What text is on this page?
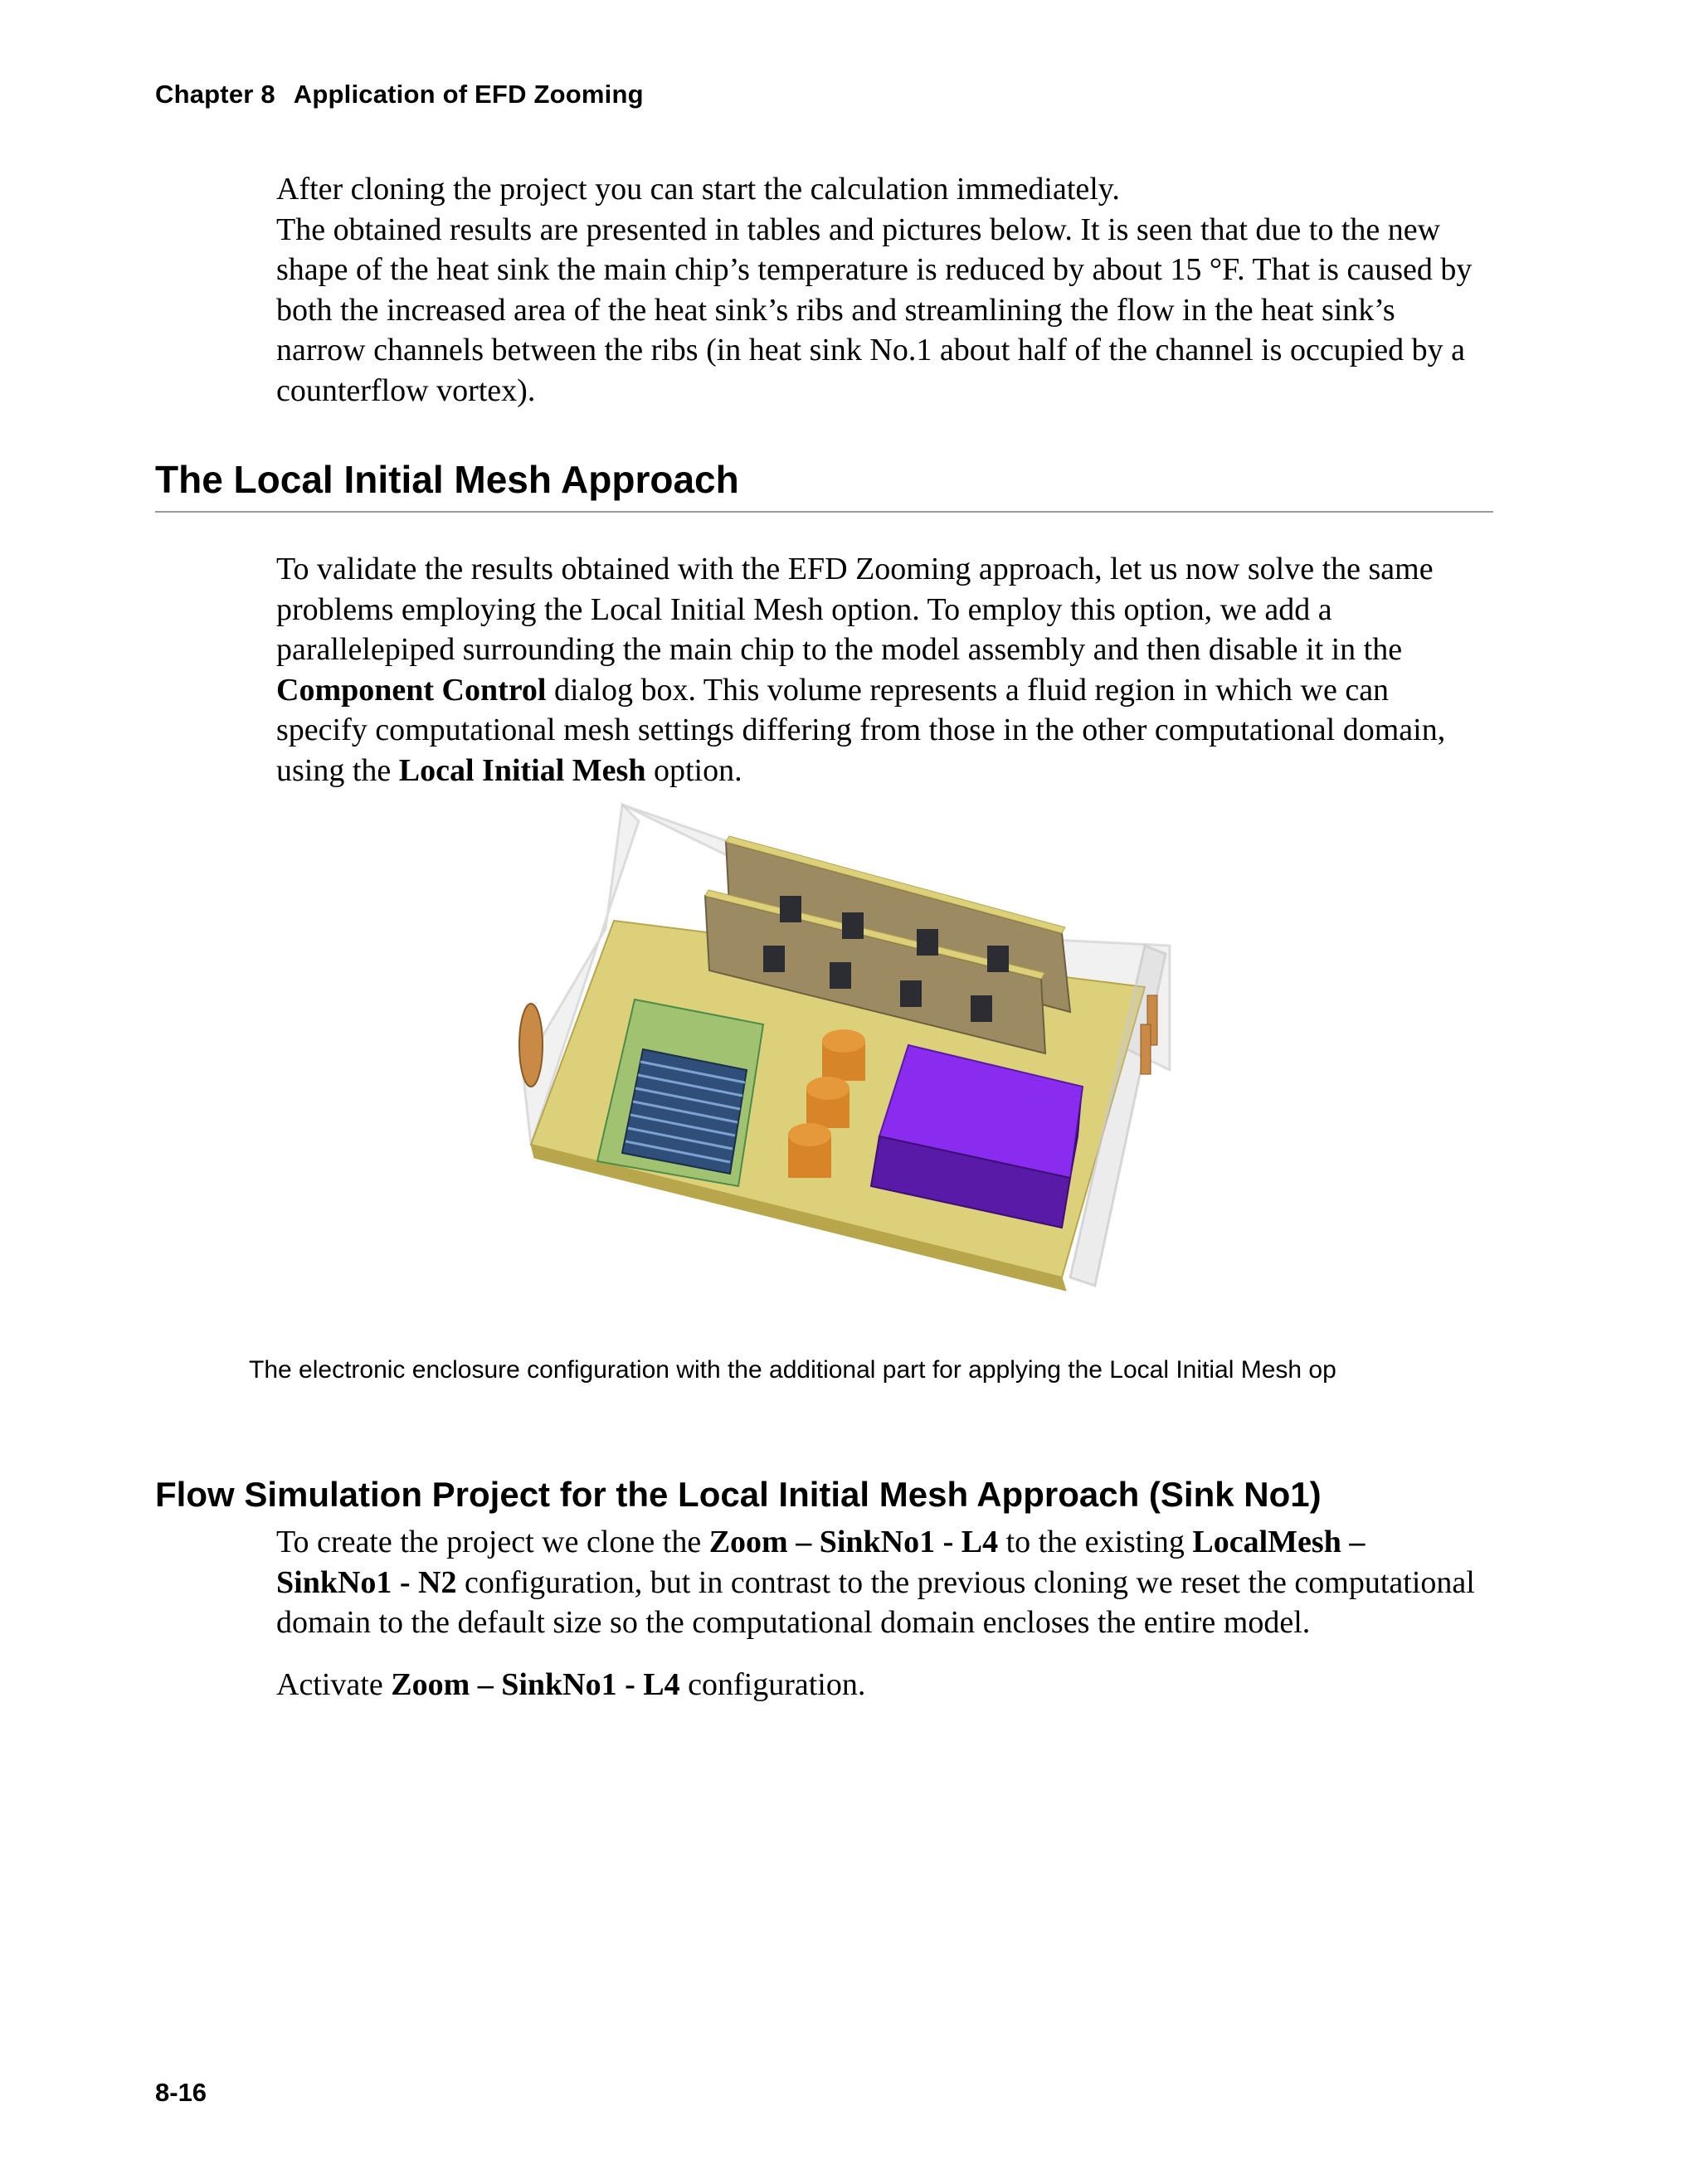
Chapter 8 Application of EFD Zooming

After cloning the project you can start the calculation immediately.

The obtained results are presented in tables and pictures below. It is seen that due to the new shape of the heat sink the main chip’s temperature is reduced by about 15 °F. That is caused by both the increased area of the heat sink’s ribs and streamlining the flow in the heat sink’s narrow channels between the ribs (in heat sink No.1 about half of the channel is occupied by a counterflow vortex).

The Local Initial Mesh Approach

To validate the results obtained with the EFD Zooming approach, let us now solve the same problems employing the Local Initial Mesh option. To employ this option, we add a parallelepiped surrounding the main chip to the model assembly and then disable it in the Component Control dialog box. This volume represents a fluid region in which we can specify computational mesh settings differing from those in the other computational domain, using the Local Initial Mesh option.

The electronic enclosure configuration with the additional part for applying the Local Initial Mesh op
Flow Simulation Project for the Local Initial Mesh Approach (Sink No1)

To create the project we clone the Zoom – SinkNo1 - L4 to the existing LocalMesh – SinkNo1 - N2 configuration, but in contrast to the previous cloning we reset the computational domain to the default size so the computational domain encloses the entire model.

Activate Zoom – SinkNo1 - L4 configuration.

8-16
